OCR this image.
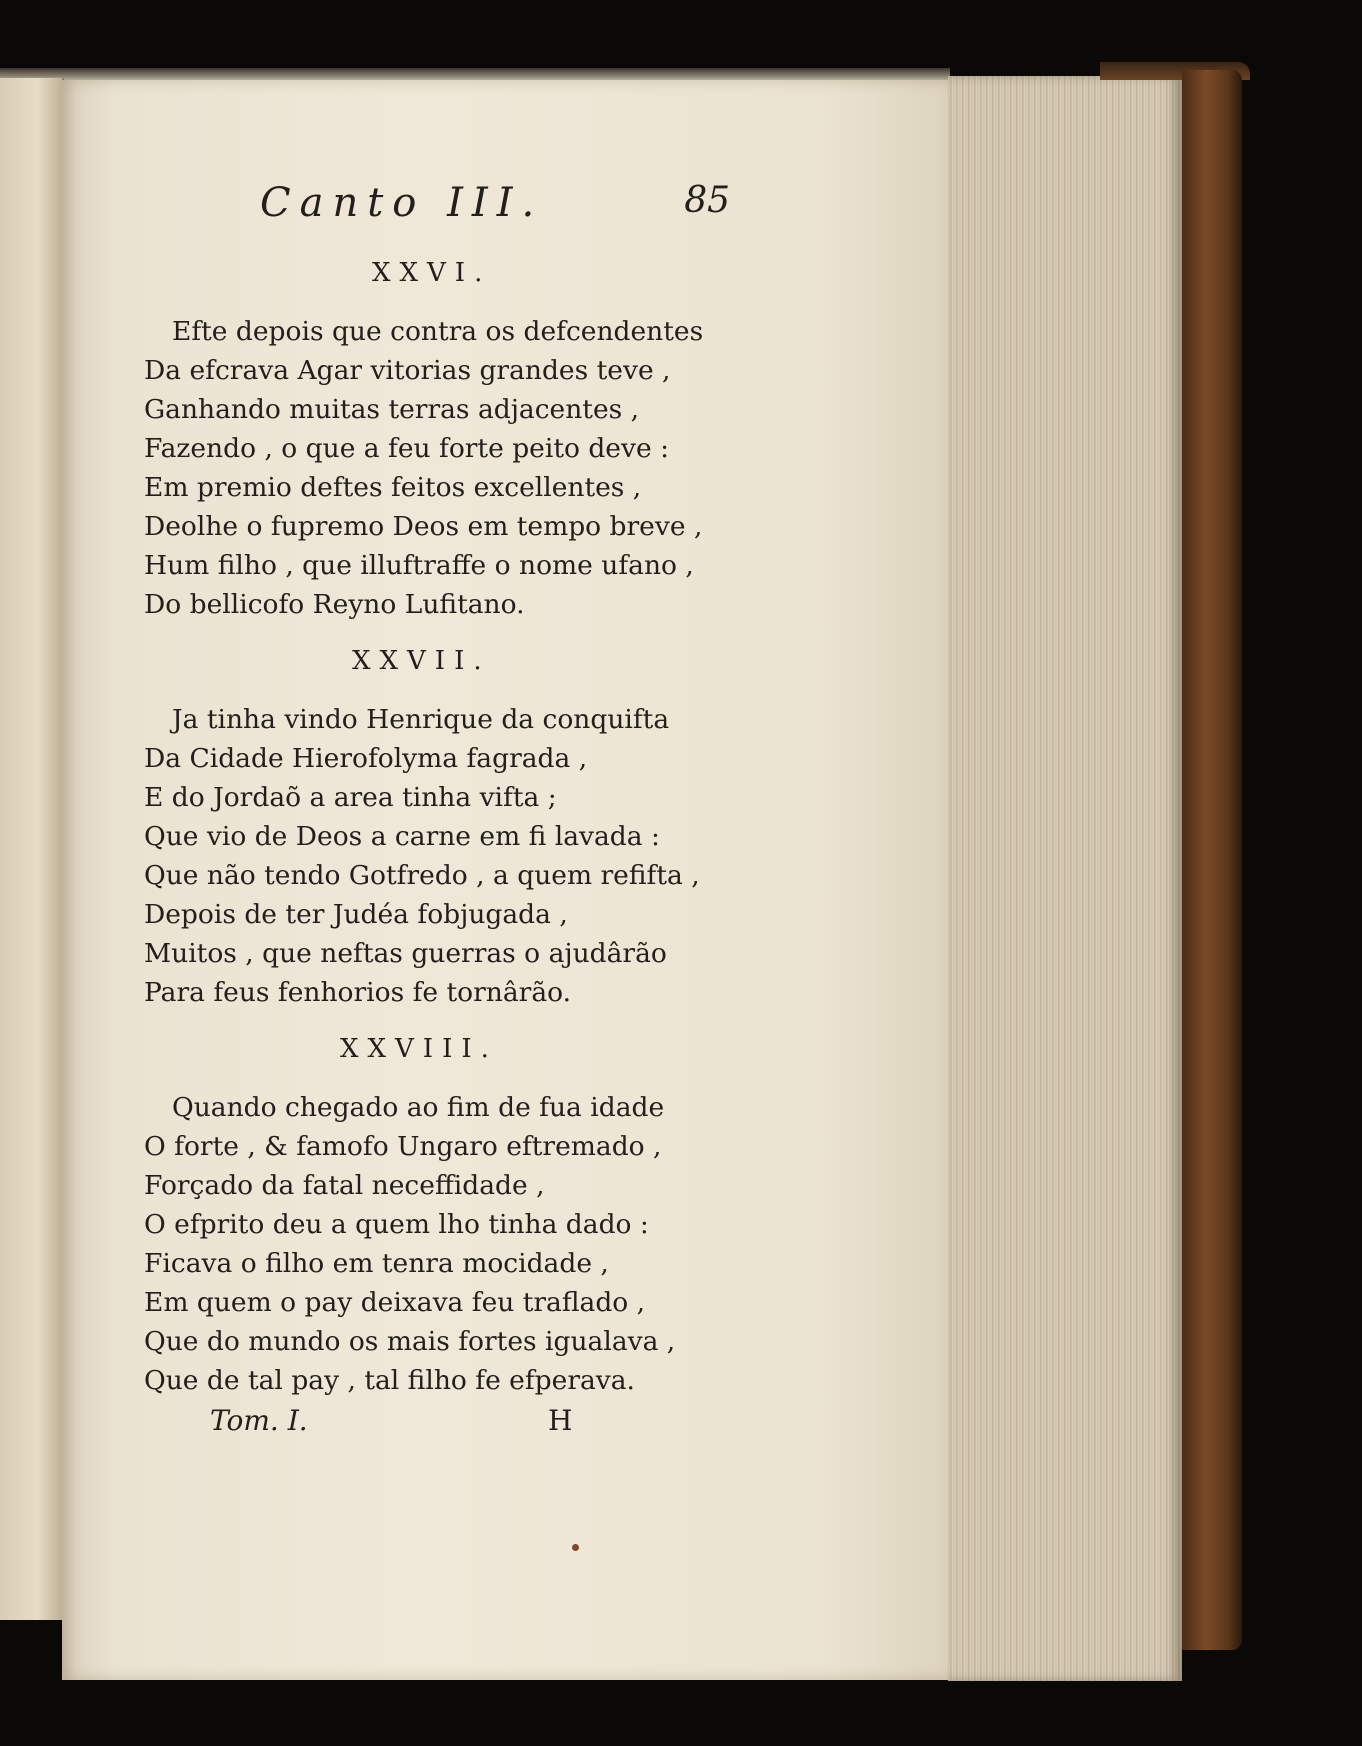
Canto III.	85
XXVI.
Efte depois que contra os defcendentes
Da efcrava Agar vitorias grandes teve ,
Ganhando muitas terras adjacentes ,
Fazendo , o que a feu forte peito deve :
Em premio deftes feitos excellentes ,
Deolhe o fupremo Deos em tempo breve ,
Hum filho , que illuftraffe o nome ufano ,
Do bellicofo Reyno Lufitano.
XXVII.
Ja tinha vindo Henrique da conquifta
Da Cidade Hierofolyma fagrada ,
E do Jordaõ a area tinha vifta ;
Que vio de Deos a carne em fi lavada :
Que não tendo Gotfredo , a quem refifta ,
Depois de ter Judéa fobjugada ,
Muitos , que neftas guerras o ajudârão
Para feus fenhorios fe tornârão.
XXVIII.
Quando chegado ao fim de fua idade
O forte , & famofo Ungaro eftremado ,
Forçado da fatal neceffidade ,
O efprito deu a quem lho tinha dado :
Ficava o filho em tenra mocidade ,
Em quem o pay deixava feu traflado ,
Que do mundo os mais fortes igualava ,
Que de tal pay , tal filho fe efperava.
Tom. I.	H
